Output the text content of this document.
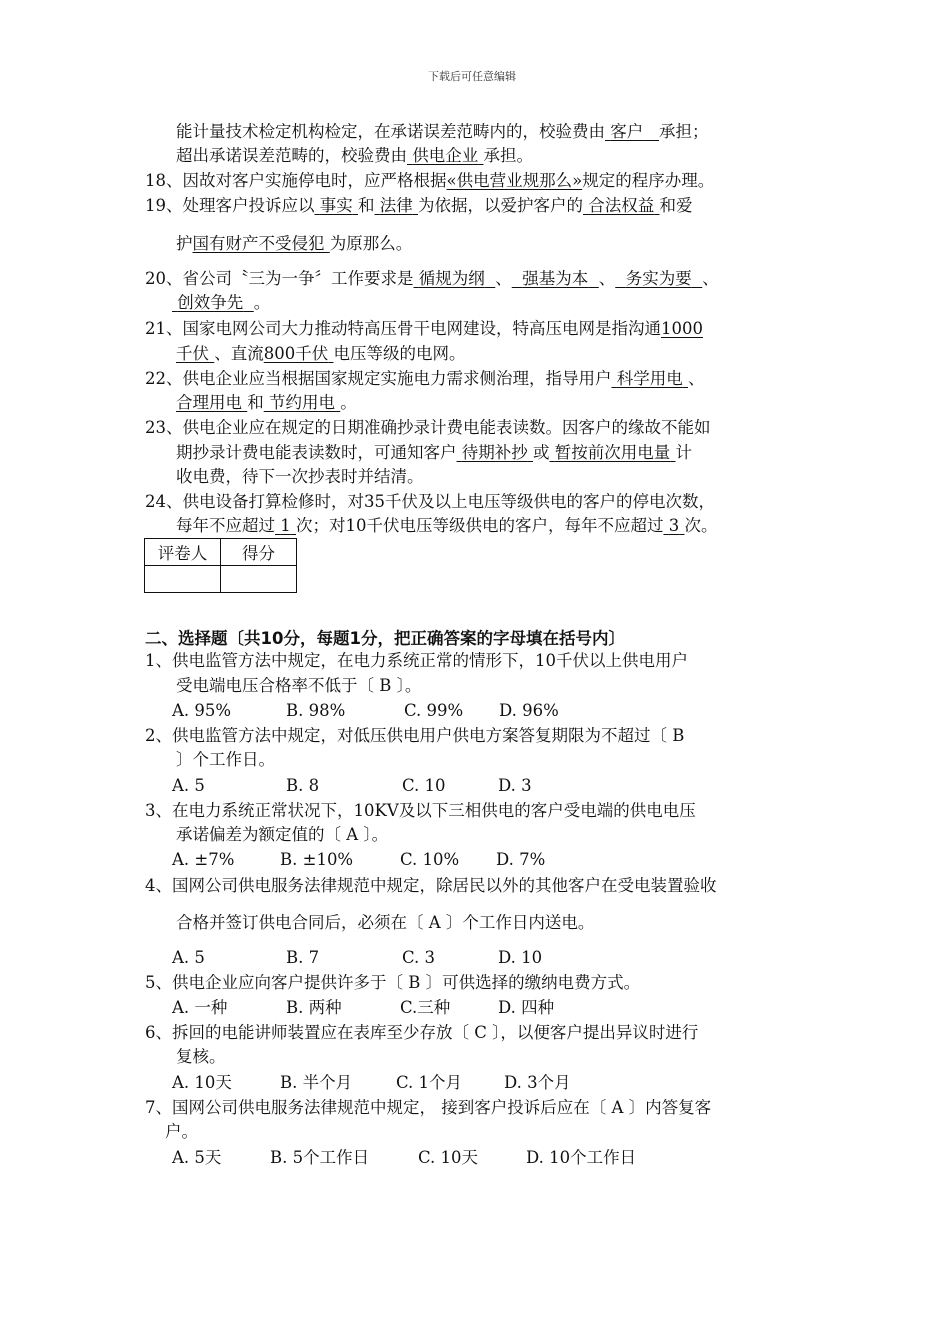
下载后可任意编辑
能计量技术检定机构检定，在承诺误差范畴内的，校验费由 客户 承担；
超出承诺误差范畴的，校验费由 供电企业 承担。
18、因故对客户实施停电时，应严格根据«供电营业规那么»规定的程序办理。
19、处理客户投诉应以 事实 和 法律 为依据，以爱护客户的 合法权益 和爱
护国有财产不受侵犯 为原那么。
20、省公司〝三为一争〞工作要求是 循规为纲 、 强基为本 、 务实为要 、
创效争先 。
21、国家电网公司大力推动特高压骨干电网建设，特高压电网是指沟通1000
千伏 、直流800千伏 电压等级的电网。
22、供电企业应当根据国家规定实施电力需求侧治理，指导用户 科学用电 、
合理用电 和 节约用电 。
23、供电企业应在规定的日期准确抄录计费电能表读数。因客户的缘故不能如
期抄录计费电能表读数时，可通知客户 待期补抄 或 暂按前次用电量 计
收电费，待下一次抄表时并结清。
24、供电设备打算检修时，对35千伏及以上电压等级供电的客户的停电次数，
每年不应超过 1 次；对10千伏电压等级供电的客户，每年不应超过 3 次。
评卷人	得分

二、选择题〔共10分，每题1分，把正确答案的字母填在括号内〕
1、供电监管方法中规定，在电力系统正常的情形下，10千伏以上供电用户
受电端电压合格率不低于〔 B 〕。
A. 95%	B. 98%	C. 99% D. 96%
2、供电监管方法中规定，对低压供电用户供电方案答复期限为不超过〔 B
〕个工作日。
A. 5	B. 8	C. 10	D. 3
3、在电力系统正常状况下，10KV及以下三相供电的客户受电端的供电电压
承诺偏差为额定值的〔 A 〕。
A. ±7%	B. ±10%	C. 10% D. 7%
4、国网公司供电服务法律规范中规定，除居民以外的其他客户在受电装置验收
合格并签订供电合同后，必须在〔 A 〕个工作日内送电。
A. 5	B. 7	C. 3	D. 10
5、供电企业应向客户提供许多于〔 B 〕可供选择的缴纳电费方式。
A. 一种	B. 两种	C.三种	D. 四种
6、拆回的电能讲师装置应在表库至少存放〔 C 〕，以便客户提出异议时进行
复核。
A. 10天	B. 半个月	C. 1个月	D. 3个月
7、国网公司供电服务法律规范中规定， 接到客户投诉后应在〔 A 〕内答复客
户。
A. 5天	B. 5个工作日	C. 10天	D. 10个工作日
